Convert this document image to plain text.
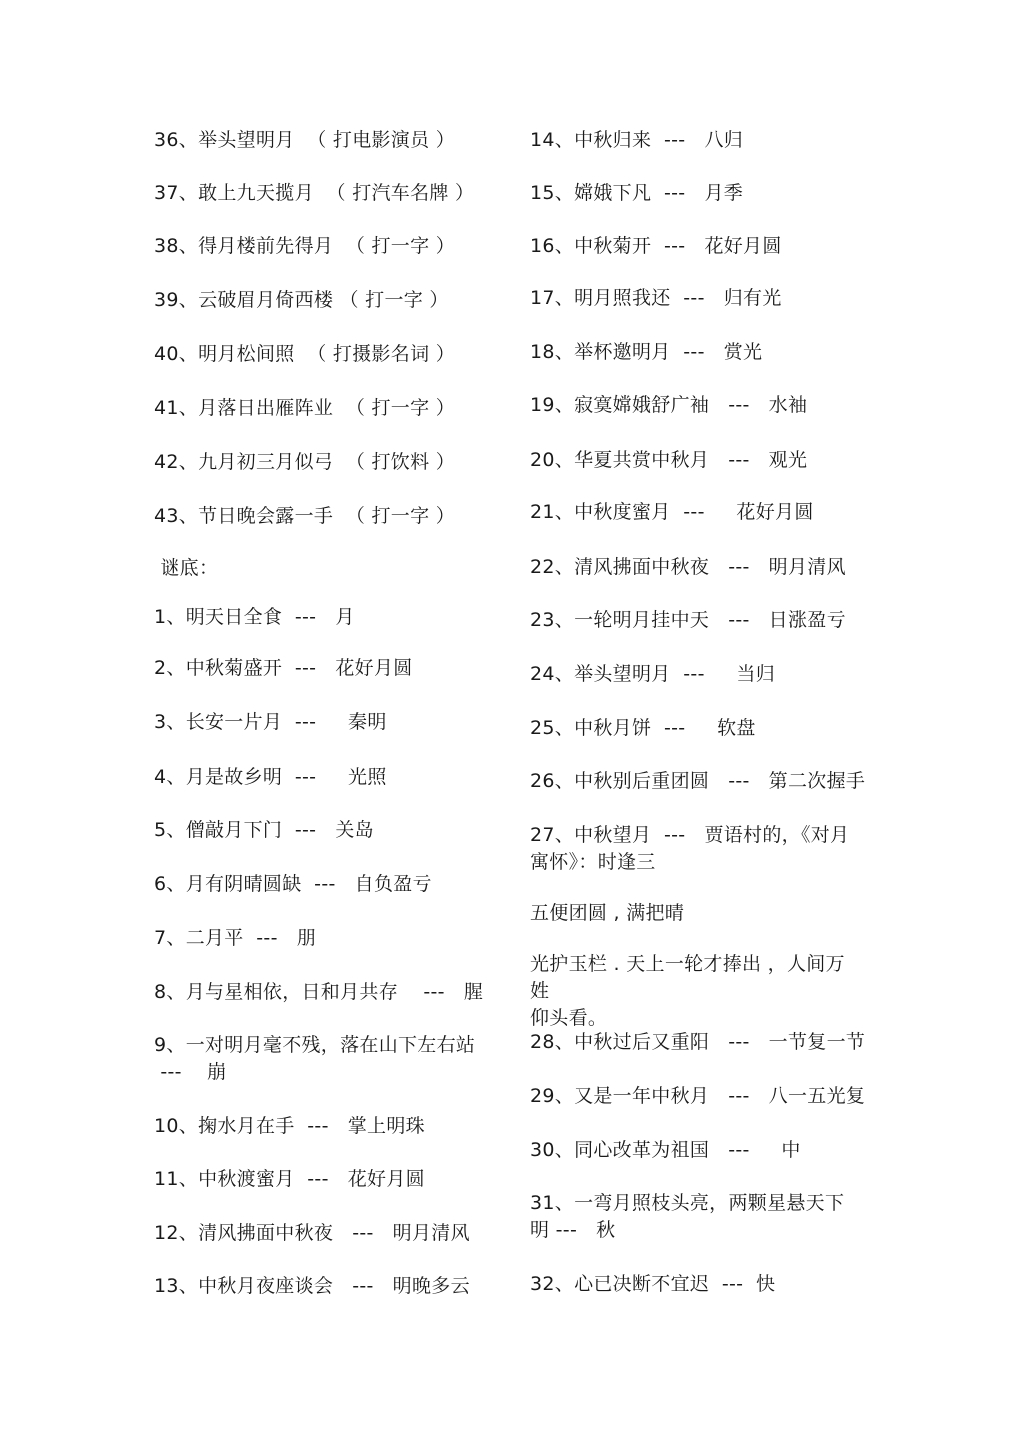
36、举头望明月  （ 打电影演员 ）
37、敢上九天揽月  （ 打汽车名牌 ）
38、得月楼前先得月  （ 打一字 ）
39、云破眉月倚西楼 （ 打一字 ）
40、明月松间照  （ 打摄影名词 ）
41、月落日出雁阵业  （ 打一字 ）
42、九月初三月似弓  （ 打饮料 ）
43、节日晚会露一手  （ 打一字 ）
谜底：
1、明天日全食  ---   月
2、中秋菊盛开  ---   花好月圆
3、长安一片月  ---     秦明
4、月是故乡明  ---     光照
5、僧敲月下门  ---   关岛
6、月有阴晴圆缺  ---   自负盈亏
7、二月平  ---   朋
8、月与星相依，日和月共存    ---   腥
9、一对明月毫不残，落在山下左右站
---    崩
10、掬水月在手  ---   掌上明珠
11、中秋渡蜜月  ---   花好月圆
12、清风拂面中秋夜   ---   明月清风
13、中秋月夜座谈会   ---   明晚多云
14、中秋归来  ---   八归
15、嫦娥下凡  ---   月季
16、中秋菊开  ---   花好月圆
17、明月照我还  ---   归有光
18、举杯邀明月  ---   赏光
19、寂寞嫦娥舒广袖   ---   水袖
20、华夏共赏中秋月   ---   观光
21、中秋度蜜月  ---     花好月圆
22、清风拂面中秋夜   ---   明月清风
23、一轮明月挂中天   ---   日涨盈亏
24、举头望明月  ---     当归
25、中秋月饼  ---     软盘
26、中秋别后重团圆   ---   第二次握手
27、中秋望月  ---   贾语村的，《对月
寓怀》：时逢三
五便团圆 , 满把晴
光护玉栏 . 天上一轮才捧出 ，人间万姓
仰头看。
28、中秋过后又重阳   ---   一节复一节
29、又是一年中秋月   ---   八一五光复
30、同心改革为祖国   ---     中
31、一弯月照枝头亮，两颗星悬天下
明 ---   秋
32、心已决断不宜迟  ---  快
